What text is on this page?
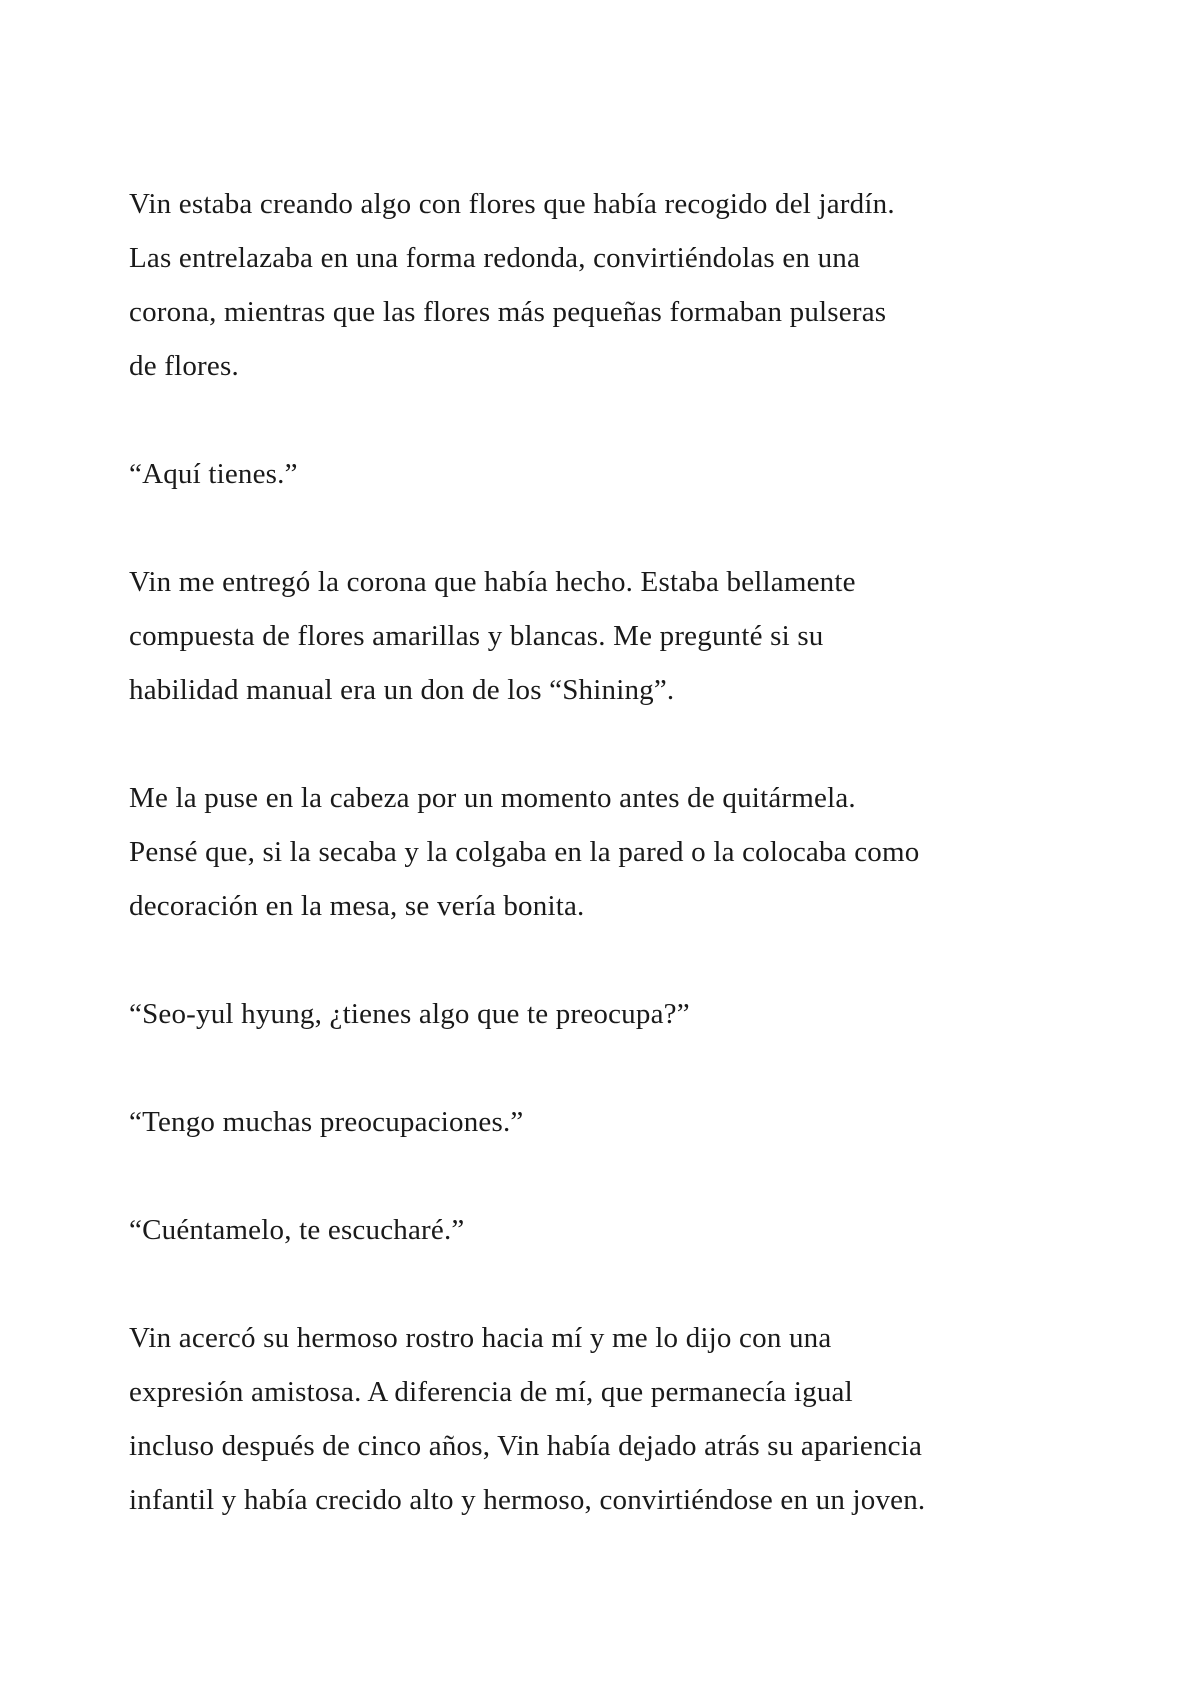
Vin estaba creando algo con flores que había recogido del jardín.
Las entrelazaba en una forma redonda, convirtiéndolas en una
corona, mientras que las flores más pequeñas formaban pulseras
de flores.
“Aquí tienes.”
Vin me entregó la corona que había hecho. Estaba bellamente
compuesta de flores amarillas y blancas. Me pregunté si su
habilidad manual era un don de los “Shining”.
Me la puse en la cabeza por un momento antes de quitármela.
Pensé que, si la secaba y la colgaba en la pared o la colocaba como
decoración en la mesa, se vería bonita.
“Seo-yul hyung, ¿tienes algo que te preocupa?”
“Tengo muchas preocupaciones.”
“Cuéntamelo, te escucharé.”
Vin acercó su hermoso rostro hacia mí y me lo dijo con una
expresión amistosa. A diferencia de mí, que permanecía igual
incluso después de cinco años, Vin había dejado atrás su apariencia
infantil y había crecido alto y hermoso, convirtiéndose en un joven.
